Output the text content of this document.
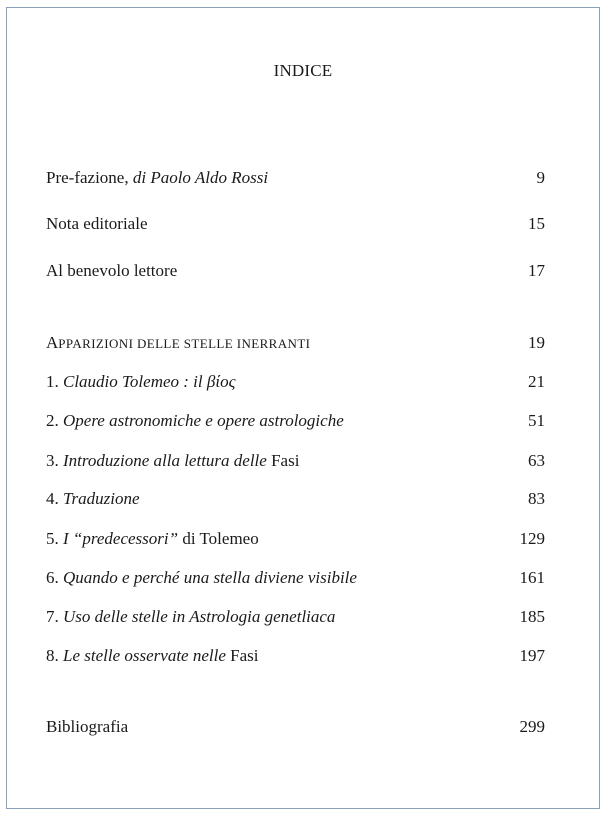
INDICE
Pre-fazione, di Paolo Aldo Rossi	9
Nota editoriale	15
Al benevolo lettore	17
APPARIZIONI DELLE STELLE INERRANTI	19
1. Claudio Tolemeo : il βίος	21
2. Opere astronomiche e opere astrologiche	51
3. Introduzione alla lettura delle Fasi	63
4. Traduzione	83
5. I “predecessori” di Tolemeo	129
6. Quando e perché una stella diviene visibile	161
7. Uso delle stelle in Astrologia genetliaca	185
8. Le stelle osservate nelle Fasi	197
Bibliografia	299
